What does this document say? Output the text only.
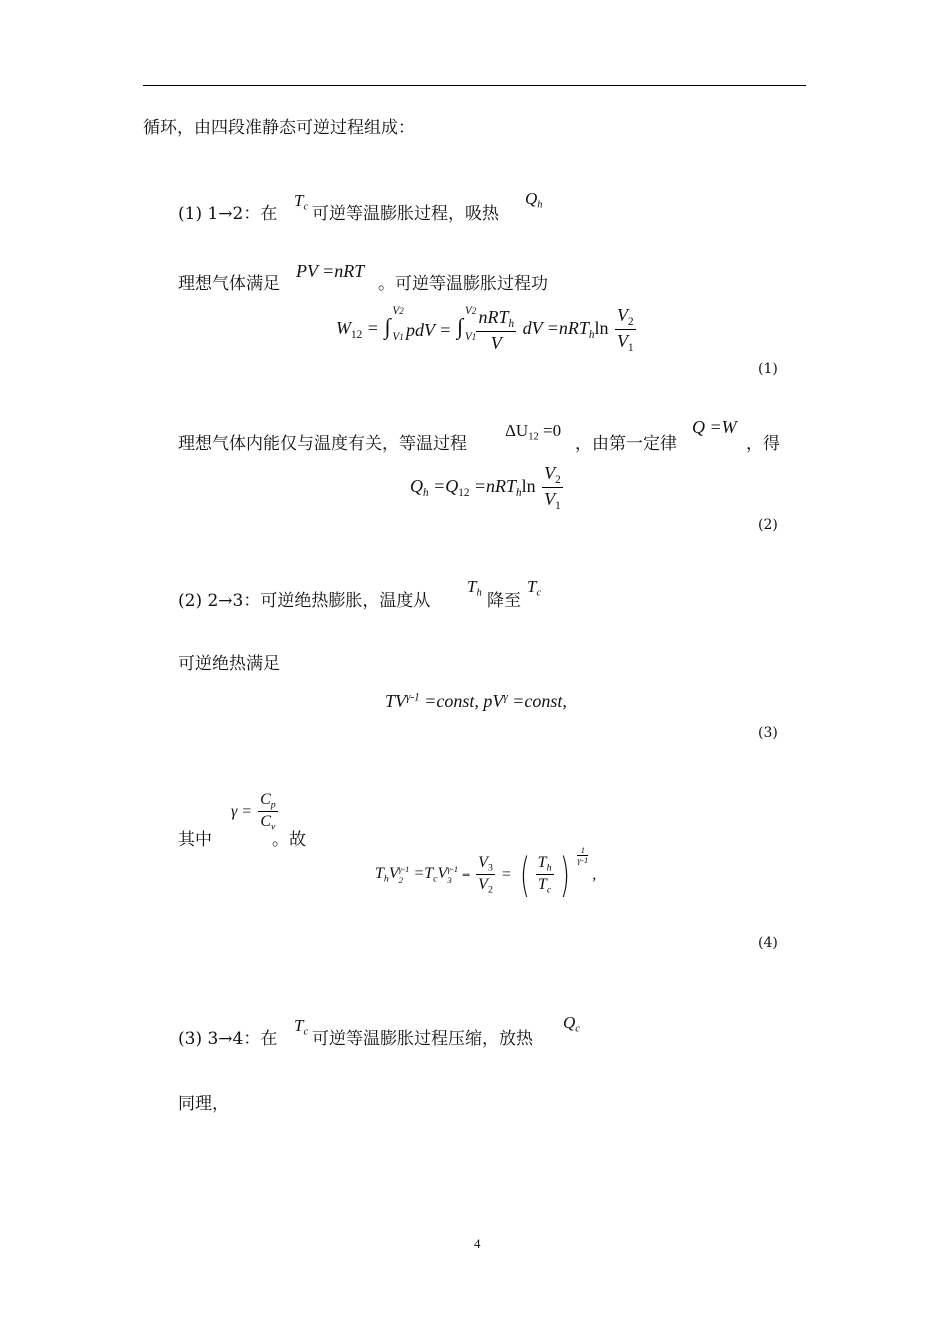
循环，由四段准静态可逆过程组成：
(1) 1→2：在
$T_c$ 可逆等温膨胀过程，吸热
$Q_h$
理想气体满足
PV =nRT
。可逆等温膨胀过程功
$W_{12}$ = ∫
V2
V1 pdV = ∫
V2
V1
$\frac{nRT_h}{V}$ dV $=nRT_h\ln \frac{V_2}{V_1}$
(1)
理想气体内能仅与温度有关，等温过程
$\Delta U_{12} =0$
，由第一定律
Q =W
，得
$Q_h =Q_{12} =nRT_h\ln \frac{V_2}{V_1}$
(2)
(2) 2→3：可逆绝热膨胀，温度从
$T_h$ 降至
$T_c$
可逆绝热满足
$TV^{\gamma-1}$ =const, $pV^\gamma$ =const,
(3)
其中
$\gamma = \frac{C_p}{C_v}$
。故
$T_hV$ γ-1
$2 =T_cV$ γ-1
3	⇒ $\frac{V_3}{V_2}$ = ( $\frac{T_h}{T_c}$ ) $\frac{1}{\gamma-1}$
,
(4)
(3) 3→4：在
$T_c$ 可逆等温膨胀过程压缩，放热
$Q_c$
同理，
4
